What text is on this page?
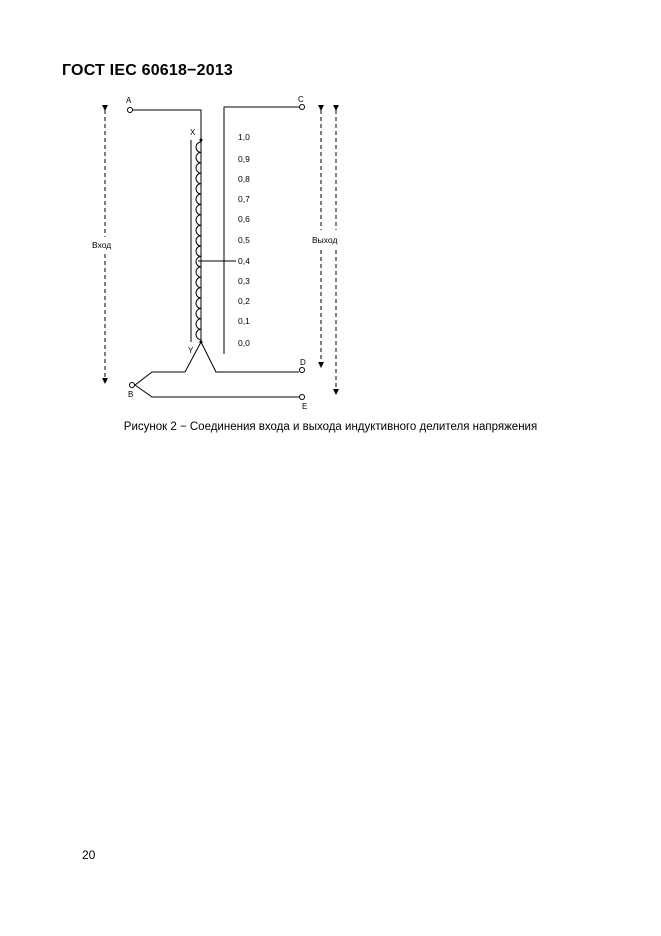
ГОСТ IEC 60618−2013
A
B
C
D
E
X
Y
Вход	Выход
1,0
0,9
0,8
0,7
0,6
0,5
0,4
0,3
0,2
0,1
0,0
Рисунок 2 − Соединения входа и выхода индуктивного делителя напряжения
20
